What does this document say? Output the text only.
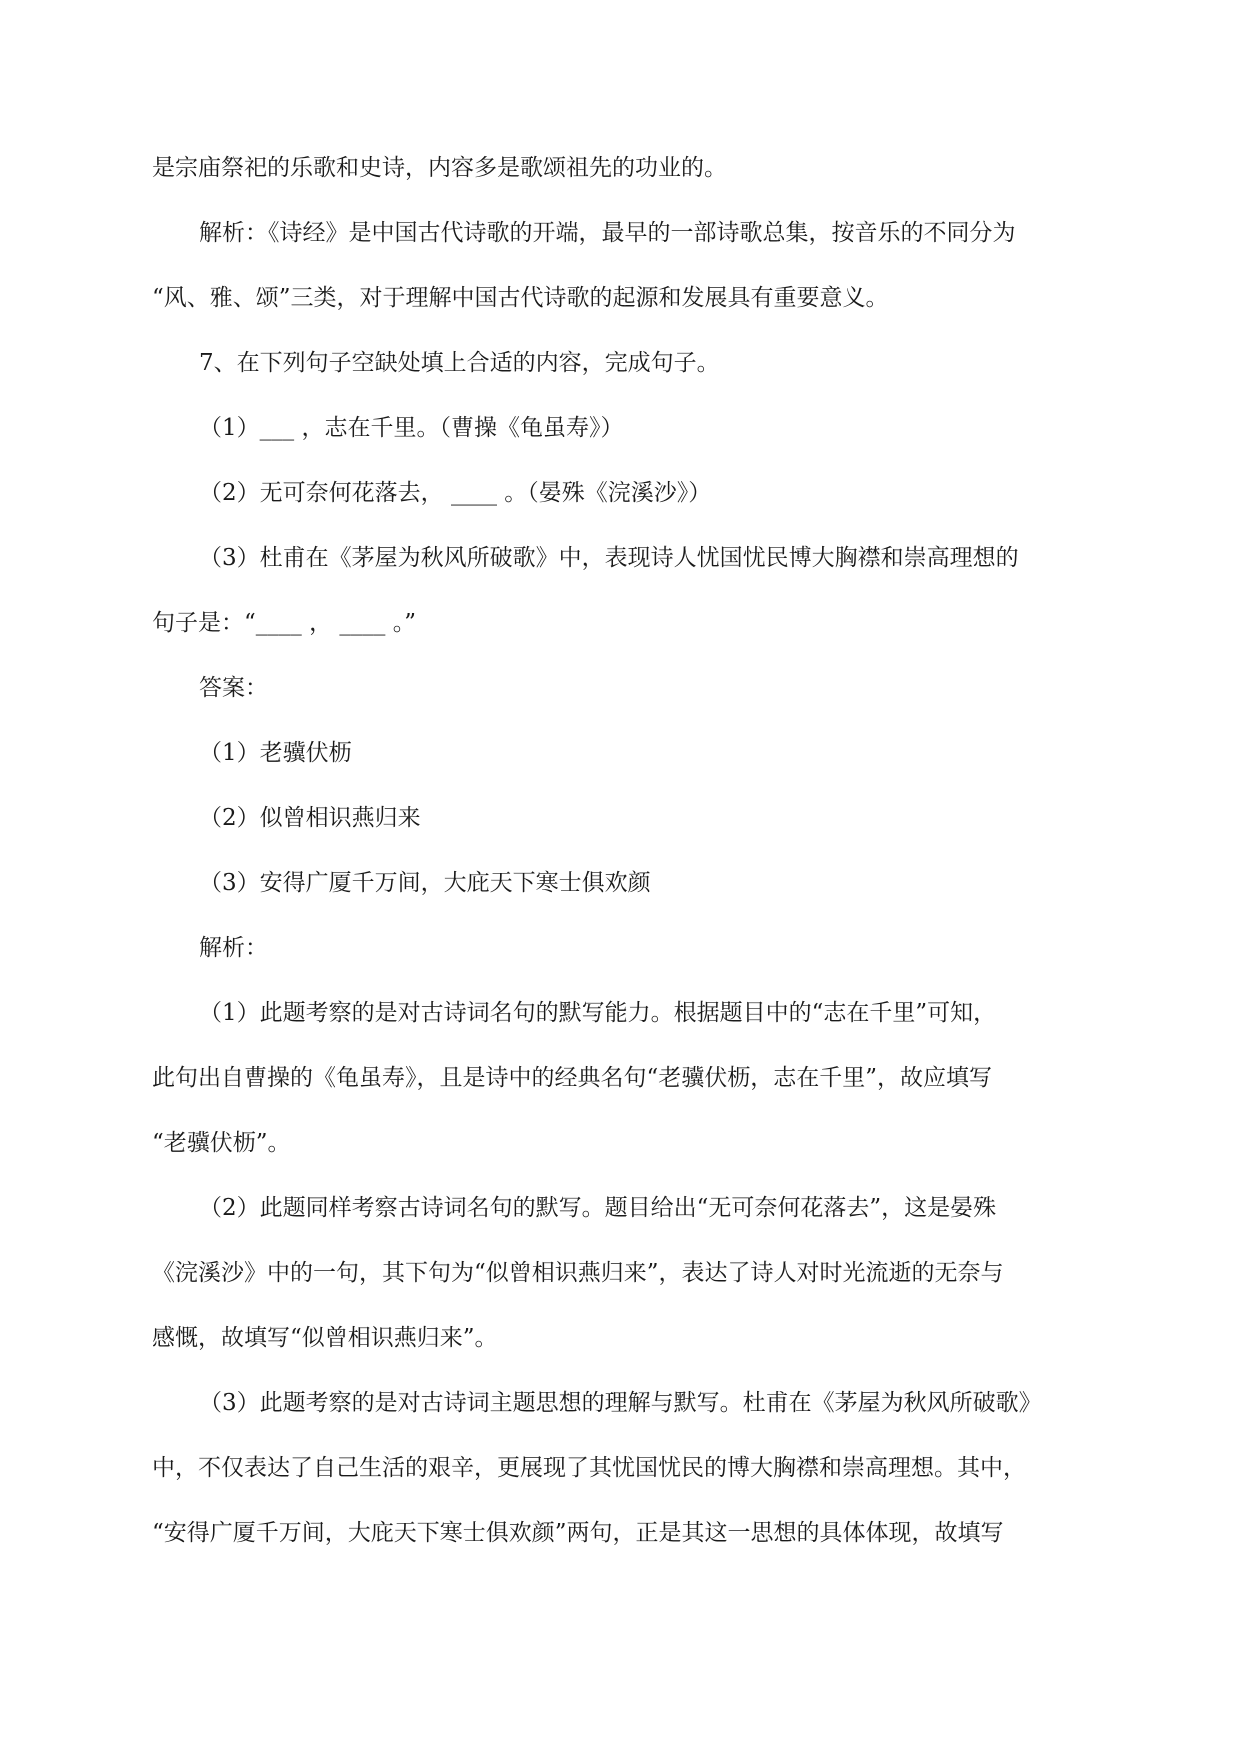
是宗庙祭祀的乐歌和史诗，内容多是歌颂祖先的功业的。
解析：《诗经》是中国古代诗歌的开端，最早的一部诗歌总集，按音乐的不同分为
“风、雅、颂”三类，对于理解中国古代诗歌的起源和发展具有重要意义。
7、在下列句子空缺处填上合适的内容，完成句子。
（1）___ ，志在千里。（曹操《龟虽寿》）
（2）无可奈何花落去， ____ 。（晏殊《浣溪沙》）
（3）杜甫在《茅屋为秋风所破歌》中，表现诗人忧国忧民博大胸襟和崇高理想的
句子是：“____ ， ____ 。”
答案：
（1）老骥伏枥
（2）似曾相识燕归来
（3）安得广厦千万间，大庇天下寒士俱欢颜
解析：
（1）此题考察的是对古诗词名句的默写能力。根据题目中的“志在千里”可知，
此句出自曹操的《龟虽寿》，且是诗中的经典名句“老骥伏枥，志在千里”，故应填写
“老骥伏枥”。
（2）此题同样考察古诗词名句的默写。题目给出“无可奈何花落去”，这是晏殊
《浣溪沙》中的一句，其下句为“似曾相识燕归来”，表达了诗人对时光流逝的无奈与
感慨，故填写“似曾相识燕归来”。
（3）此题考察的是对古诗词主题思想的理解与默写。杜甫在《茅屋为秋风所破歌》
中，不仅表达了自己生活的艰辛，更展现了其忧国忧民的博大胸襟和崇高理想。其中，
“安得广厦千万间，大庇天下寒士俱欢颜”两句，正是其这一思想的具体体现，故填写
